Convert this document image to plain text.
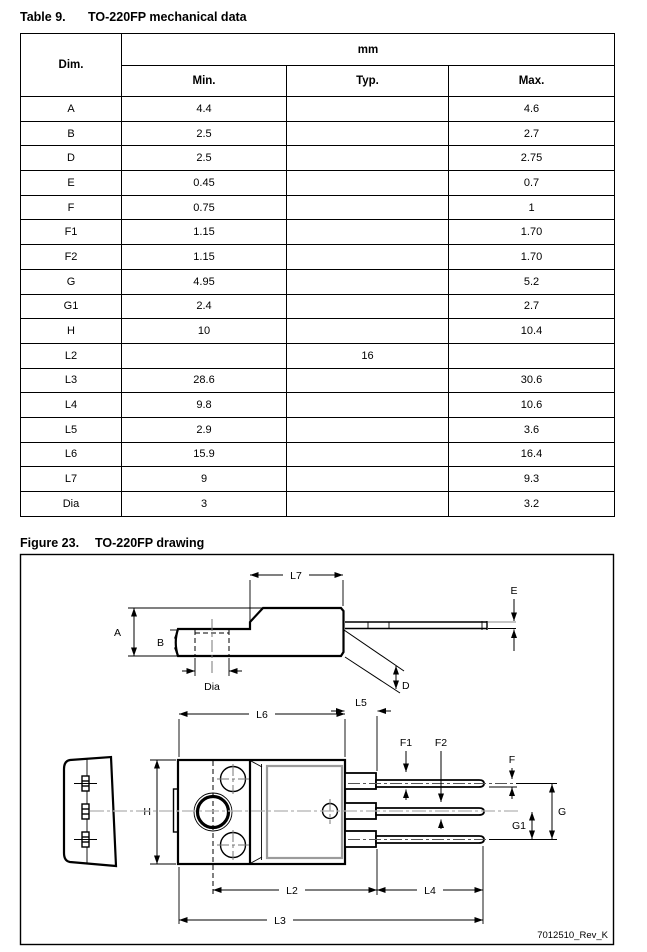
Table 9. TO-220FP mechanical data
Dim.	mm		
	Min.	Typ.	Max.
A	4.4		4.6
B	2.5		2.7
D	2.5		2.75
E	0.45		0.7
F	0.75		1
F1	1.15		1.70
F2	1.15		1.70
G	4.95		5.2
G1	2.4		2.7
H	10		10.4
L2		16	
L3	28.6		30.6
L4	9.8		10.6
L5	2.9		3.6
L6	15.9		16.4
L7	9		9.3
Dia	3		3.2
Figure 23. TO-220FP drawing
L7
A
B
Dia
E
D
L6
L5
H
F1 F2
F
G
G1
L2	L4
L3
7012510_Rev_K
